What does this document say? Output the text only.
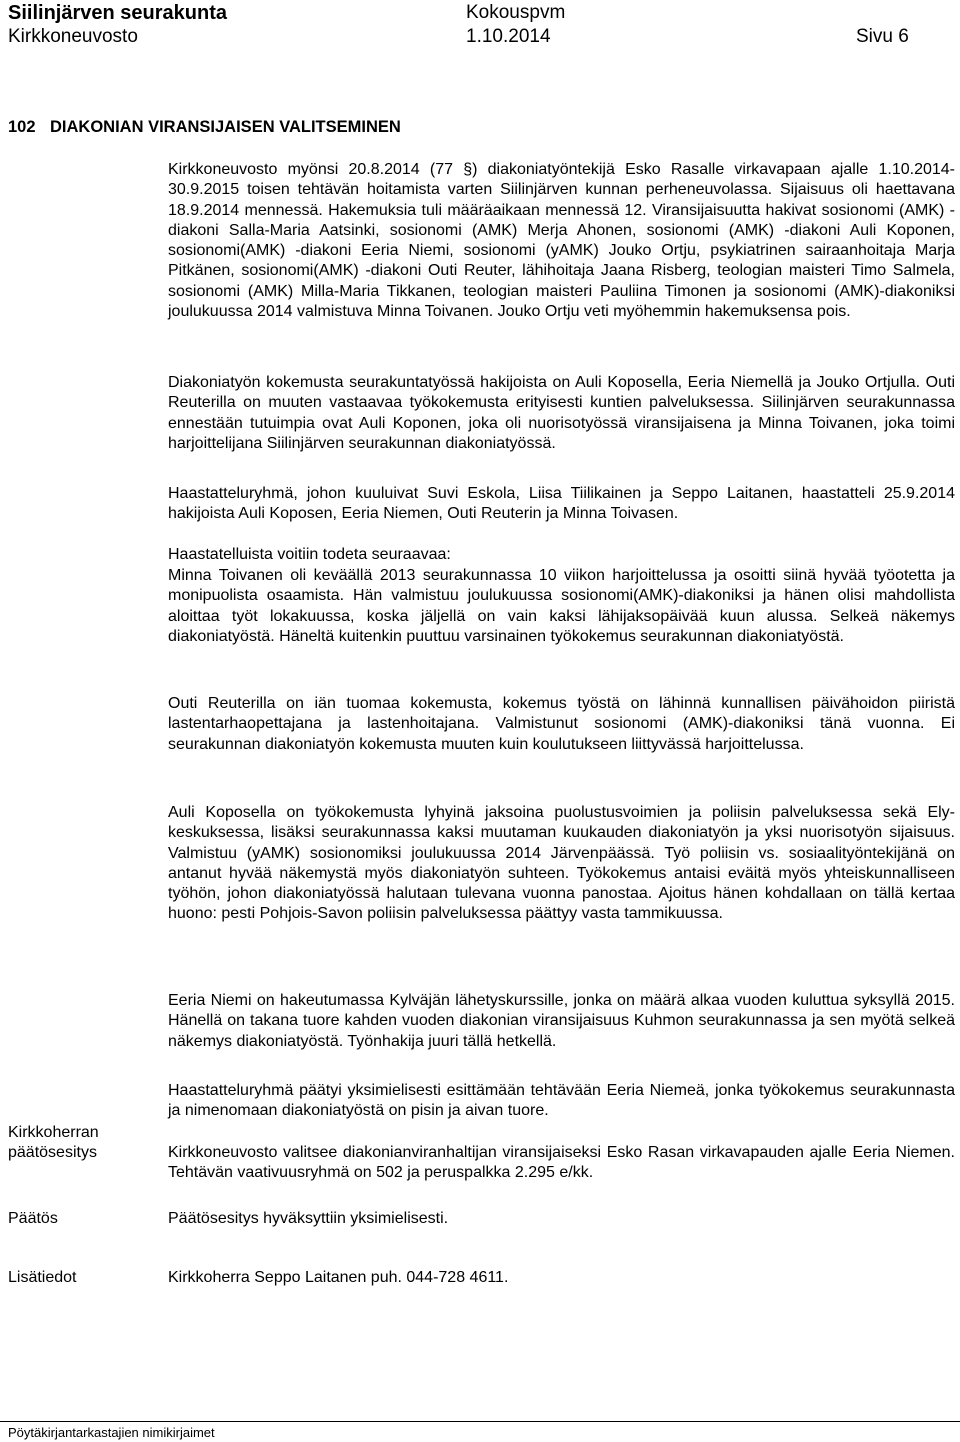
Siilinjärven seurakunta
Kirkkoneuvosto
Kokouspvm
1.10.2014	Sivu 6
102 DIAKONIAN VIRANSIJAISEN VALITSEMINEN

Kirkkoneuvosto myönsi 20.8.2014 (77 §) diakoniatyöntekijä Esko Rasalle virkavapaan ajalle 1.10.2014-30.9.2015 toisen tehtävän hoitamista varten Siilinjärven kunnan perheneuvolassa. Sijaisuus oli haettavana 18.9.2014 mennessä. Hakemuksia tuli määräaikaan mennessä 12. Viransijaisuutta hakivat sosionomi (AMK) -diakoni Salla-Maria Aatsinki, sosionomi (AMK) Merja Ahonen, sosionomi (AMK) -diakoni Auli Koponen, sosionomi(AMK) -diakoni Eeria Niemi, sosionomi (yAMK) Jouko Ortju, psykiatrinen sairaanhoitaja Marja Pitkänen, sosionomi(AMK) -diakoni Outi Reuter, lähihoitaja Jaana Risberg, teologian maisteri Timo Salmela, sosionomi (AMK) Milla-Maria Tikkanen, teologian maisteri Pauliina Timonen ja sosionomi (AMK)-diakoniksi joulukuussa 2014 valmistuva Minna Toivanen. Jouko Ortju veti myöhemmin hakemuksensa pois.

Diakoniatyön kokemusta seurakuntatyössä hakijoista on Auli Koposella, Eeria Niemellä ja Jouko Ortjulla. Outi Reuterilla on muuten vastaavaa työkokemusta erityisesti kuntien palveluksessa. Siilinjärven seurakunnassa ennestään tutuimpia ovat Auli Koponen, joka oli nuorisotyössä viransijaisena ja Minna Toivanen, joka toimi harjoittelijana Siilinjärven seurakunnan diakoniatyössä.

Haastatteluryhmä, johon kuuluivat Suvi Eskola, Liisa Tiilikainen ja Seppo Laitanen, haastatteli 25.9.2014 hakijoista Auli Koposen, Eeria Niemen, Outi Reuterin ja Minna Toivasen.

Haastatelluista voitiin todeta seuraavaa:

Minna Toivanen oli keväällä 2013 seurakunnassa 10 viikon harjoittelussa ja osoitti siinä hyvää työotetta ja monipuolista osaamista. Hän valmistuu joulukuussa sosionomi(AMK)-diakoniksi ja hänen olisi mahdollista aloittaa työt lokakuussa, koska jäljellä on vain kaksi lähijaksopäivää kuun alussa. Selkeä näkemys diakoniatyöstä. Häneltä kuitenkin puuttuu varsinainen työkokemus seurakunnan diakoniatyöstä.

Outi Reuterilla on iän tuomaa kokemusta, kokemus työstä on lähinnä kunnallisen päivähoidon piiristä lastentarhaopettajana ja lastenhoitajana. Valmistunut sosionomi (AMK)-diakoniksi tänä vuonna. Ei seurakunnan diakoniatyön kokemusta muuten kuin koulutukseen liittyvässä harjoittelussa.

Auli Koposella on työkokemusta lyhyinä jaksoina puolustusvoimien ja poliisin palveluksessa sekä Ely-keskuksessa, lisäksi seurakunnassa kaksi muutaman kuukauden diakoniatyön ja yksi nuorisotyön sijaisuus. Valmistuu (yAMK) sosionomiksi joulukuussa 2014 Järvenpäässä. Työ poliisin vs. sosiaalityöntekijänä on antanut hyvää näkemystä myös diakoniatyön suhteen. Työkokemus antaisi eväitä myös yhteiskunnalliseen työhön, johon diakoniatyössä halutaan tulevana vuonna panostaa. Ajoitus hänen kohdallaan on tällä kertaa huono: pesti Pohjois-Savon poliisin palveluksessa päättyy vasta tammikuussa.

Eeria Niemi on hakeutumassa Kylväjän lähetyskurssille, jonka on määrä alkaa vuoden kuluttua syksyllä 2015. Hänellä on takana tuore kahden vuoden diakonian viransijaisuus Kuhmon seurakunnassa ja sen myötä selkeä näkemys diakoniatyöstä. Työnhakija juuri tällä hetkellä.

Haastatteluryhmä päätyi yksimielisesti esittämään tehtävään Eeria Niemeä, jonka työkokemus seurakunnasta ja nimenomaan diakoniatyöstä on pisin ja aivan tuore.

Kirkkoherran
päätösesitys	Kirkkoneuvosto valitsee diakonianviranhaltijan viransijaiseksi Esko Rasan virkavapauden ajalle Eeria Niemen. Tehtävän vaativuusryhmä on 502 ja peruspalkka 2.295 e/kk.

Päätös	Päätösesitys hyväksyttiin yksimielisesti.

Lisätiedot	Kirkkoherra Seppo Laitanen puh. 044-728 4611.

Pöytäkirjantarkastajien nimikirjaimet
